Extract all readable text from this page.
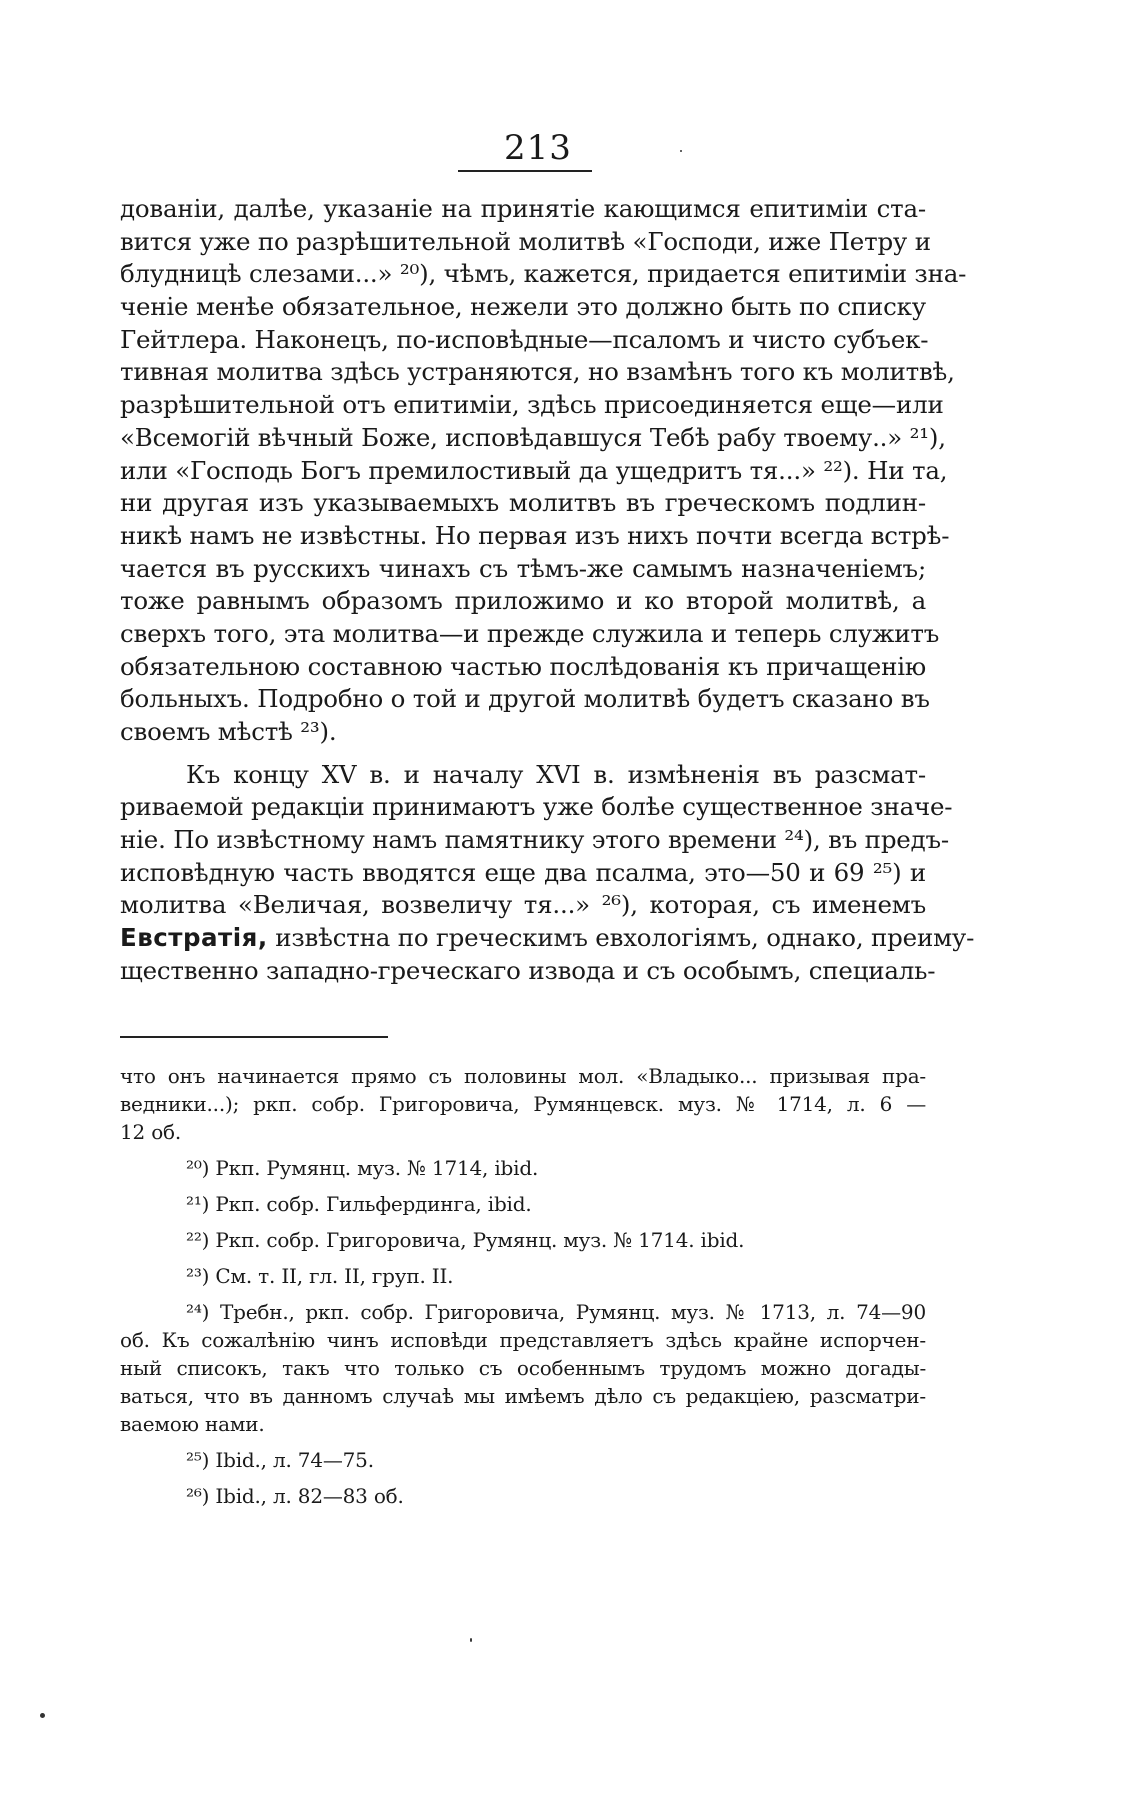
213
дованіи, далѣе, указаніе на принятіе кающимся епитиміи ста-
вится уже по разрѣшительной молитвѣ «Господи, иже Петру и
блудницѣ слезами...» ²⁰), чѣмъ, кажется, придается епитиміи зна-
ченіе менѣе обязательное, нежели это должно быть по списку
Гейтлера. Наконецъ, по-исповѣдные—псаломъ и чисто субъек-
тивная молитва здѣсь устраняются, но взамѣнъ того къ молитвѣ,
разрѣшительной отъ епитиміи, здѣсь присоединяется еще—или
«Всемогій вѣчный Боже, исповѣдавшуся Тебѣ рабу твоему..» ²¹),
или «Господь Богъ премилостивый да ущедритъ тя...» ²²). Ни та,
ни другая изъ указываемыхъ молитвъ въ греческомъ подлин-
никѣ намъ не извѣстны. Но первая изъ нихъ почти всегда встрѣ-
чается въ русскихъ чинахъ съ тѣмъ-же самымъ назначеніемъ;
тоже равнымъ образомъ приложимо и ко второй молитвѣ, а
сверхъ того, эта молитва—и прежде служила и теперь служитъ
обязательною составною частью послѣдованія къ причащенію
больныхъ. Подробно о той и другой молитвѣ будетъ сказано въ
своемъ мѣстѣ ²³).
Къ концу XV в. и началу XVI в. измѣненія въ разсмат-
риваемой редакціи принимаютъ уже болѣе существенное значе-
ніе. По извѣстному намъ памятнику этого времени ²⁴), въ предъ-
исповѣдную часть вводятся еще два псалма, это—50 и 69 ²⁵) и
молитва «Величая, возвеличу тя...» ²⁶), которая, съ именемъ
Евстратія, извѣстна по греческимъ евхологіямъ, однако, преиму-
щественно западно-греческаго извода и съ особымъ, специаль-
что онъ начинается прямо съ половины мол. «Владыко... призывая пра-
ведники...); ркп. собр. Григоровича, Румянцевск. муз. № 1714, л. 6 —
12 об.
²⁰) Ркп. Румянц. муз. № 1714, ibid.
²¹) Ркп. собр. Гильфердинга, ibid.
²²) Ркп. собр. Григоровича, Румянц. муз. № 1714. ibid.
²³) См. т. II, гл. II, груп. II.
²⁴) Требн., ркп. собр. Григоровича, Румянц. муз. № 1713, л. 74—90
об. Къ сожалѣнію чинъ исповѣди представляетъ здѣсь крайне испорчен-
ный списокъ, такъ что только съ особеннымъ трудомъ можно догады-
ваться, что въ данномъ случаѣ мы имѣемъ дѣло съ редакціею, разсматри-
ваемою нами.
²⁵) Ibid., л. 74—75.
²⁶) Ibid., л. 82—83 об.
